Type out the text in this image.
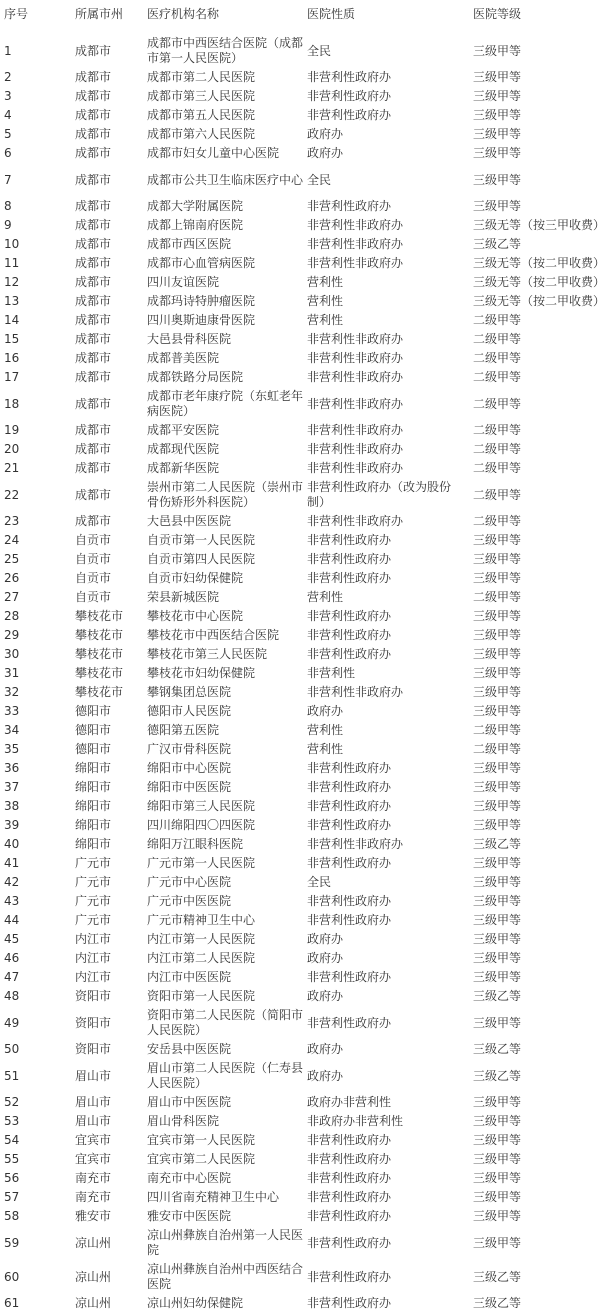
序号	所属市州	医疗机构名称	医院性质	医院等级
1	成都市	成都市中西医结合医院（成都市第一人民医院）	全民	三级甲等
2	成都市	成都市第二人民医院	非营利性政府办	三级甲等
3	成都市	成都市第三人民医院	非营利性政府办	三级甲等
4	成都市	成都市第五人民医院	非营利性政府办	三级甲等
5	成都市	成都市第六人民医院	政府办	三级甲等
6	成都市	成都市妇女儿童中心医院	政府办	三级甲等
7	成都市	成都市公共卫生临床医疗中心	全民	三级甲等
8	成都市	成都大学附属医院	非营利性政府办	三级甲等
9	成都市	成都上锦南府医院	非营利性非政府办	三级无等（按三甲收费）
10	成都市	成都市西区医院	非营利性非政府办	三级乙等
11	成都市	成都市心血管病医院	非营利性非政府办	三级无等（按二甲收费）
12	成都市	四川友谊医院	营利性	三级无等（按二甲收费）
13	成都市	成都玛诗特肿瘤医院	营利性	三级无等（按二甲收费）
14	成都市	四川奥斯迪康骨医院	营利性	二级甲等
15	成都市	大邑县骨科医院	非营利性非政府办	二级甲等
16	成都市	成都普美医院	非营利性非政府办	二级甲等
17	成都市	成都铁路分局医院	非营利性非政府办	二级甲等
18	成都市	成都市老年康疗院（东虹老年病医院）	非营利性非政府办	二级甲等
19	成都市	成都平安医院	非营利性非政府办	二级甲等
20	成都市	成都现代医院	非营利性非政府办	二级甲等
21	成都市	成都新华医院	非营利性非政府办	二级甲等
22	成都市	崇州市第二人民医院（崇州市骨伤矫形外科医院）	非营利性政府办（改为股份制）	二级甲等
23	成都市	大邑县中医医院	非营利性非政府办	二级甲等
24	自贡市	自贡市第一人民医院	非营利性政府办	三级甲等
25	自贡市	自贡市第四人民医院	非营利性政府办	三级甲等
26	自贡市	自贡市妇幼保健院	非营利性政府办	三级甲等
27	自贡市	荣县新城医院	营利性	二级甲等
28	攀枝花市	攀枝花市中心医院	非营利性政府办	三级甲等
29	攀枝花市	攀枝花市中西医结合医院	非营利性政府办	三级甲等
30	攀枝花市	攀枝花市第三人民医院	非营利性政府办	三级甲等
31	攀枝花市	攀枝花市妇幼保健院	非营利性	三级甲等
32	攀枝花市	攀钢集团总医院	非营利性非政府办	三级甲等
33	德阳市	德阳市人民医院	政府办	三级甲等
34	德阳市	德阳第五医院	营利性	二级甲等
35	德阳市	广汉市骨科医院	营利性	二级甲等
36	绵阳市	绵阳市中心医院	非营利性政府办	三级甲等
37	绵阳市	绵阳市中医医院	非营利性政府办	三级甲等
38	绵阳市	绵阳市第三人民医院	非营利性政府办	三级甲等
39	绵阳市	四川绵阳四〇四医院	非营利性政府办	三级甲等
40	绵阳市	绵阳万江眼科医院	非营利性非政府办	三级乙等
41	广元市	广元市第一人民医院	非营利性政府办	三级甲等
42	广元市	广元市中心医院	全民	三级甲等
43	广元市	广元市中医医院	非营利性政府办	三级甲等
44	广元市	广元市精神卫生中心	非营利性政府办	三级甲等
45	内江市	内江市第一人民医院	政府办	三级甲等
46	内江市	内江市第二人民医院	政府办	三级甲等
47	内江市	内江市中医医院	非营利性政府办	三级甲等
48	资阳市	资阳市第一人民医院	政府办	三级乙等
49	资阳市	资阳市第二人民医院（简阳市人民医院）	非营利性政府办	三级甲等
50	资阳市	安岳县中医医院	政府办	三级乙等
51	眉山市	眉山市第二人民医院（仁寿县人民医院）	政府办	三级乙等
52	眉山市	眉山市中医医院	政府办非营利性	三级甲等
53	眉山市	眉山骨科医院	非政府办非营利性	三级甲等
54	宜宾市	宜宾市第一人民医院	非营利性政府办	三级甲等
55	宜宾市	宜宾市第二人民医院	非营利性政府办	三级甲等
56	南充市	南充市中心医院	非营利性政府办	三级甲等
57	南充市	四川省南充精神卫生中心	非营利性政府办	三级甲等
58	雅安市	雅安市中医医院	非营利性政府办	三级甲等
59	凉山州	凉山州彝族自治州第一人民医院	非营利性政府办	三级甲等
60	凉山州	凉山州彝族自治州中西医结合医院	非营利性政府办	三级乙等
61	凉山州	凉山州妇幼保健院	非营利性政府办	三级乙等
